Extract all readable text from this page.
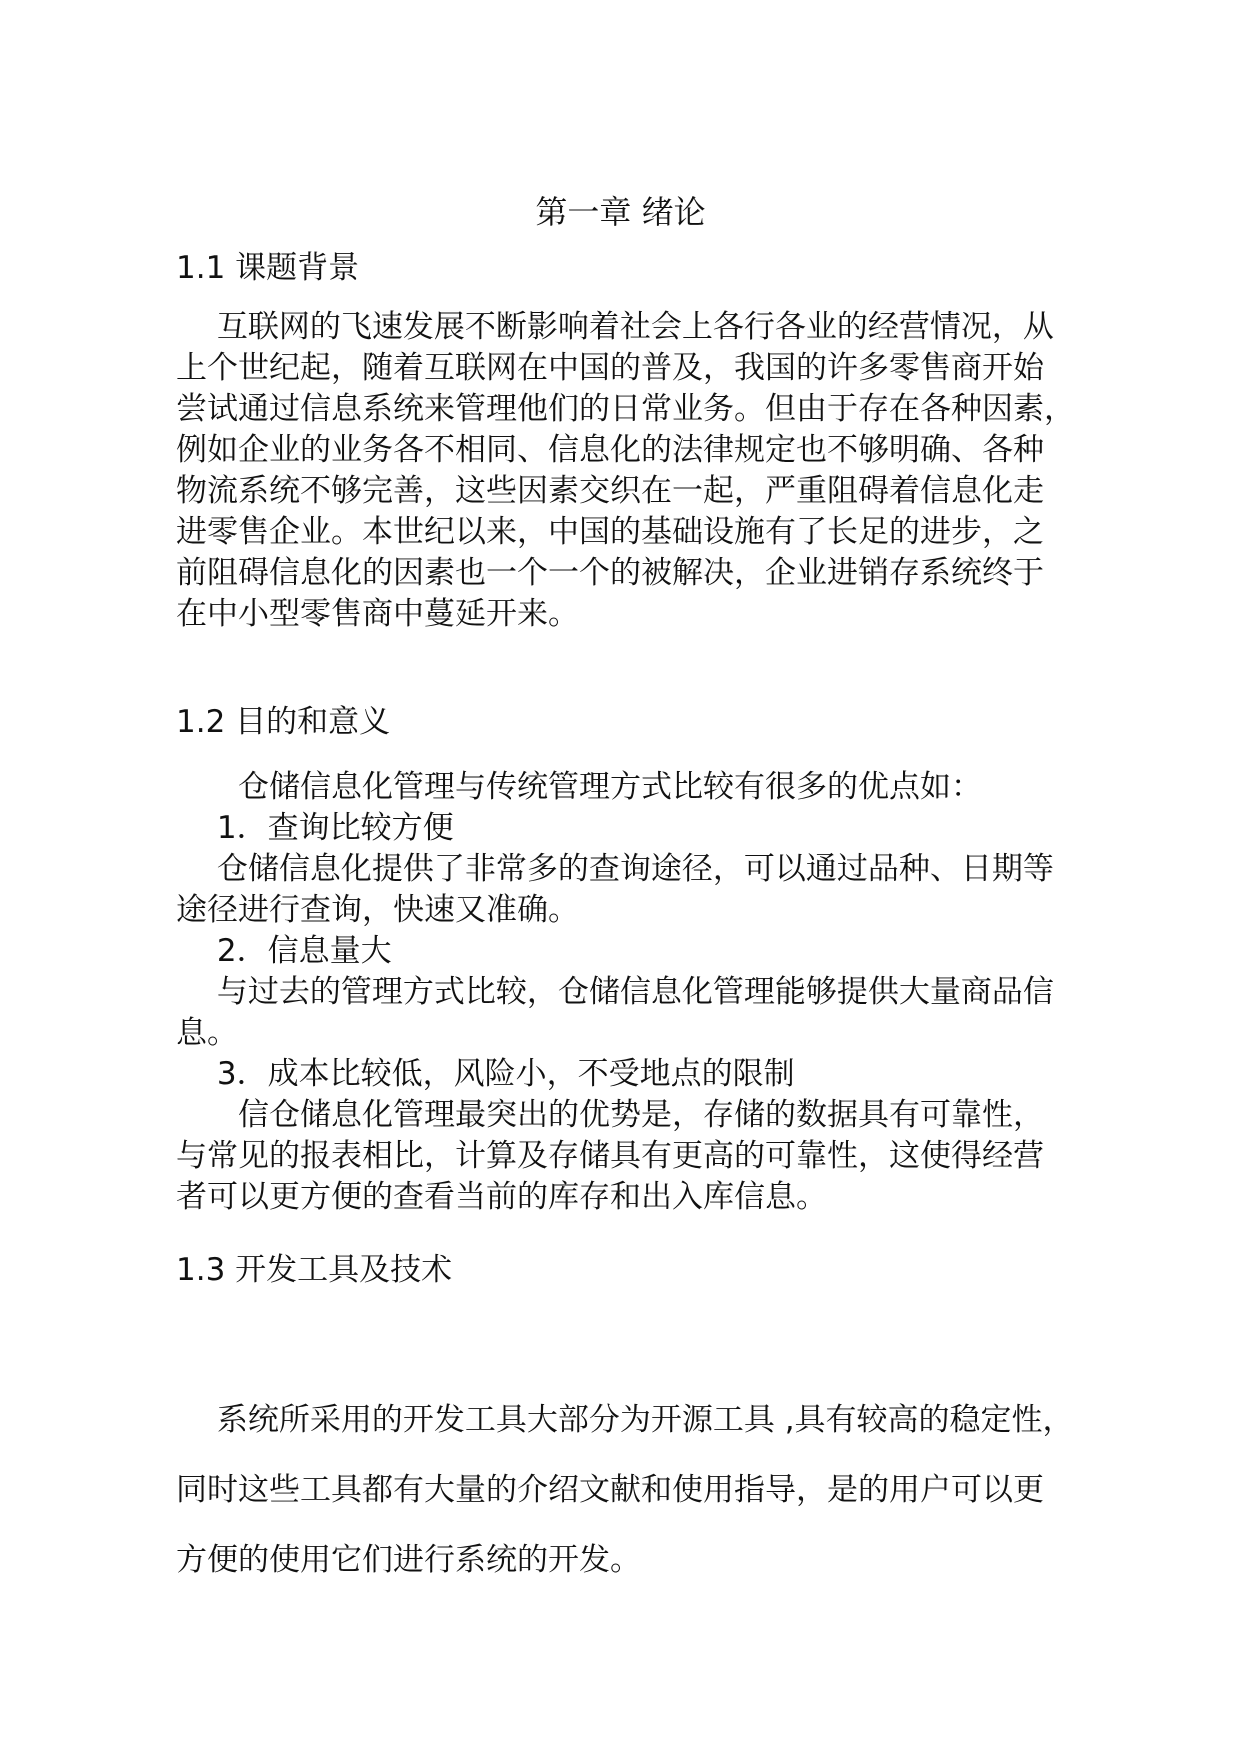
第一章 绪论
1.1 课题背景
　 互联网的飞速发展不断影响着社会上各行各业的经营情况，从
上个世纪起，随着互联网在中国的普及，我国的许多零售商开始
尝试通过信息系统来管理他们的日常业务。但由于存在各种因素，
例如企业的业务各不相同、信息化的法律规定也不够明确、各种
物流系统不够完善，这些因素交织在一起，严重阻碍着信息化走
进零售企业。本世纪以来，中国的基础设施有了长足的进步，之
前阻碍信息化的因素也一个一个的被解决，企业进销存系统终于
在中小型零售商中蔓延开来。
1.2 目的和意义
　　仓储信息化管理与传统管理方式比较有很多的优点如：
　 1．查询比较方便
　 仓储信息化提供了非常多的查询途径，可以通过品种、日期等
途径进行查询，快速又准确。
　 2．信息量大
　 与过去的管理方式比较，仓储信息化管理能够提供大量商品信
息。
　 3．成本比较低，风险小，不受地点的限制
　　信仓储息化管理最突出的优势是，存储的数据具有可靠性，
与常见的报表相比，计算及存储具有更高的可靠性，这使得经营
者可以更方便的查看当前的库存和出入库信息。
1.3 开发工具及技术
　 系统所采用的开发工具大部分为开源工具 ,具有较高的稳定性，
同时这些工具都有大量的介绍文献和使用指导，是的用户可以更
方便的使用它们进行系统的开发。
